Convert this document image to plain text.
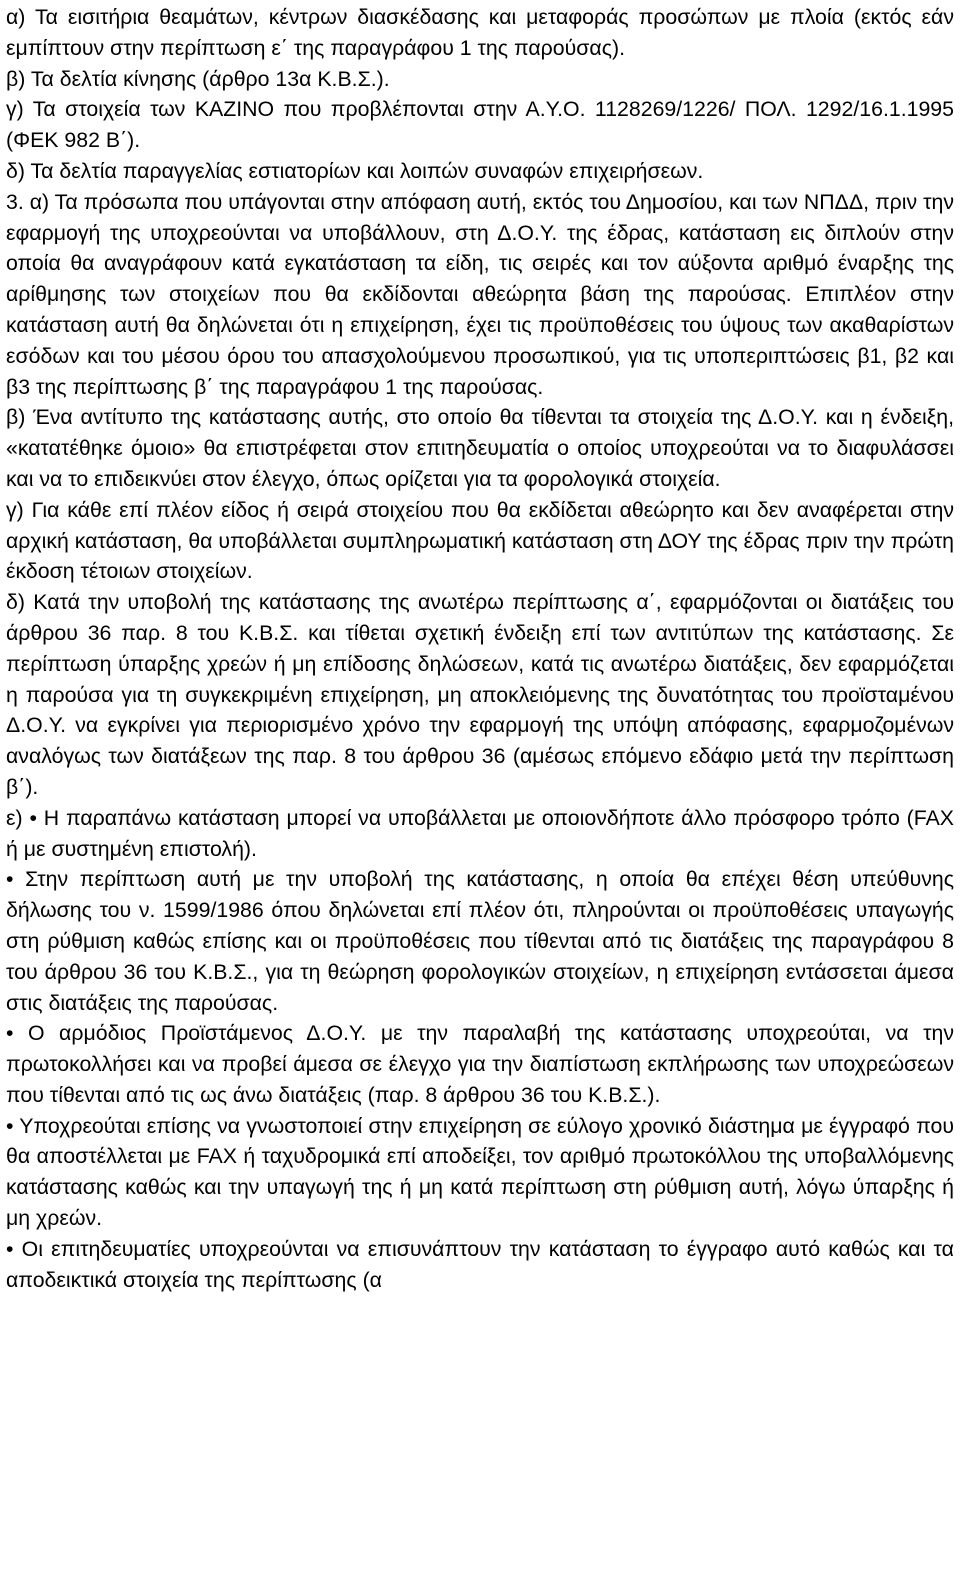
α) Τα εισιτήρια θεαμάτων, κέντρων διασκέδασης και μεταφοράς προσώπων με πλοία (εκτός εάν εμπίπτουν στην περίπτωση ε΄ της παραγράφου 1 της παρούσας).

β) Τα δελτία κίνησης (άρθρο 13α Κ.Β.Σ.).

γ) Τα στοιχεία των ΚΑΖΙΝΟ που προβλέπονται στην Α.Υ.Ο. 1128269/1226/ ΠΟΛ. 1292/16.1.1995 (ΦΕΚ 982 Β΄).

δ) Τα δελτία παραγγελίας εστιατορίων και λοιπών συναφών επιχειρήσεων.

3. α) Τα πρόσωπα που υπάγονται στην απόφαση αυτή, εκτός του Δημοσίου, και των ΝΠΔΔ, πριν την εφαρμογή της υποχρεούνται να υποβάλλουν, στη Δ.Ο.Υ. της έδρας, κατάσταση εις διπλούν στην οποία θα αναγράφουν κατά εγκατάσταση τα είδη, τις σειρές και τον αύξοντα αριθμό έναρξης της αρίθμησης των στοιχείων που θα εκδίδονται αθεώρητα βάση της παρούσας. Επιπλέον στην κατάσταση αυτή θα δηλώνεται ότι η επιχείρηση, έχει τις προϋποθέσεις του ύψους των ακαθαρίστων εσόδων και του μέσου όρου του απασχολούμενου προσωπικού, για τις υποπεριπτώσεις β1, β2 και β3 της περίπτωσης β΄ της παραγράφου 1 της παρούσας.

β) Ένα αντίτυπο της κατάστασης αυτής, στο οποίο θα τίθενται τα στοιχεία της Δ.Ο.Υ. και η ένδειξη, «κατατέθηκε όμοιο» θα επιστρέφεται στον επιτηδευματία ο οποίος υποχρεούται να το διαφυλάσσει και να το επιδεικνύει στον έλεγχο, όπως ορίζεται για τα φορολογικά στοιχεία.

γ) Για κάθε επί πλέον είδος ή σειρά στοιχείου που θα εκδίδεται αθεώρητο και δεν αναφέρεται στην αρχική κατάσταση, θα υποβάλλεται συμπληρωματική κατάσταση στη ΔΟΥ της έδρας πριν την πρώτη έκδοση τέτοιων στοιχείων.

δ) Κατά την υποβολή της κατάστασης της ανωτέρω περίπτωσης α΄, εφαρμόζονται οι διατάξεις του άρθρου 36 παρ. 8 του Κ.Β.Σ. και τίθεται σχετική ένδειξη επί των αντιτύπων της κατάστασης. Σε περίπτωση ύπαρξης χρεών ή μη επίδοσης δηλώσεων, κατά τις ανωτέρω διατάξεις, δεν εφαρμόζεται η παρούσα για τη συγκεκριμένη επιχείρηση, μη αποκλειόμενης της δυνατότητας του προϊσταμένου Δ.Ο.Υ. να εγκρίνει για περιορισμένο χρόνο την εφαρμογή της υπόψη απόφασης, εφαρμοζομένων αναλόγως των διατάξεων της παρ. 8 του άρθρου 36 (αμέσως επόμενο εδάφιο μετά την περίπτωση β΄).

ε) • Η παραπάνω κατάσταση μπορεί να υποβάλλεται με οποιονδήποτε άλλο πρόσφορο τρόπο (FAX ή με συστημένη επιστολή).

• Στην περίπτωση αυτή με την υποβολή της κατάστασης, η οποία θα επέχει θέση υπεύθυνης δήλωσης του ν. 1599/1986 όπου δηλώνεται επί πλέον ότι, πληρούνται οι προϋποθέσεις υπαγωγής στη ρύθμιση καθώς επίσης και οι προϋποθέσεις που τίθενται από τις διατάξεις της παραγράφου 8 του άρθρου 36 του Κ.Β.Σ., για τη θεώρηση φορολογικών στοιχείων, η επιχείρηση εντάσσεται άμεσα στις διατάξεις της παρούσας.

• Ο αρμόδιος Προϊστάμενος Δ.Ο.Υ. με την παραλαβή της κατάστασης υποχρεούται, να την πρωτοκολλήσει και να προβεί άμεσα σε έλεγχο για την διαπίστωση εκπλήρωσης των υποχρεώσεων που τίθενται από τις ως άνω διατάξεις (παρ. 8 άρθρου 36 του Κ.Β.Σ.).

• Υποχρεούται επίσης να γνωστοποιεί στην επιχείρηση σε εύλογο χρονικό διάστημα με έγγραφό που θα αποστέλλεται με FAX ή ταχυδρομικά επί αποδείξει, τον αριθμό πρωτοκόλλου της υποβαλλόμενης κατάστασης καθώς και την υπαγωγή της ή μη κατά περίπτωση στη ρύθμιση αυτή, λόγω ύπαρξης ή μη χρεών.

• Οι επιτηδευματίες υποχρεούνται να επισυνάπτουν την κατάσταση το έγγραφο αυτό καθώς και τα αποδεικτικά στοιχεία της περίπτωσης (α
